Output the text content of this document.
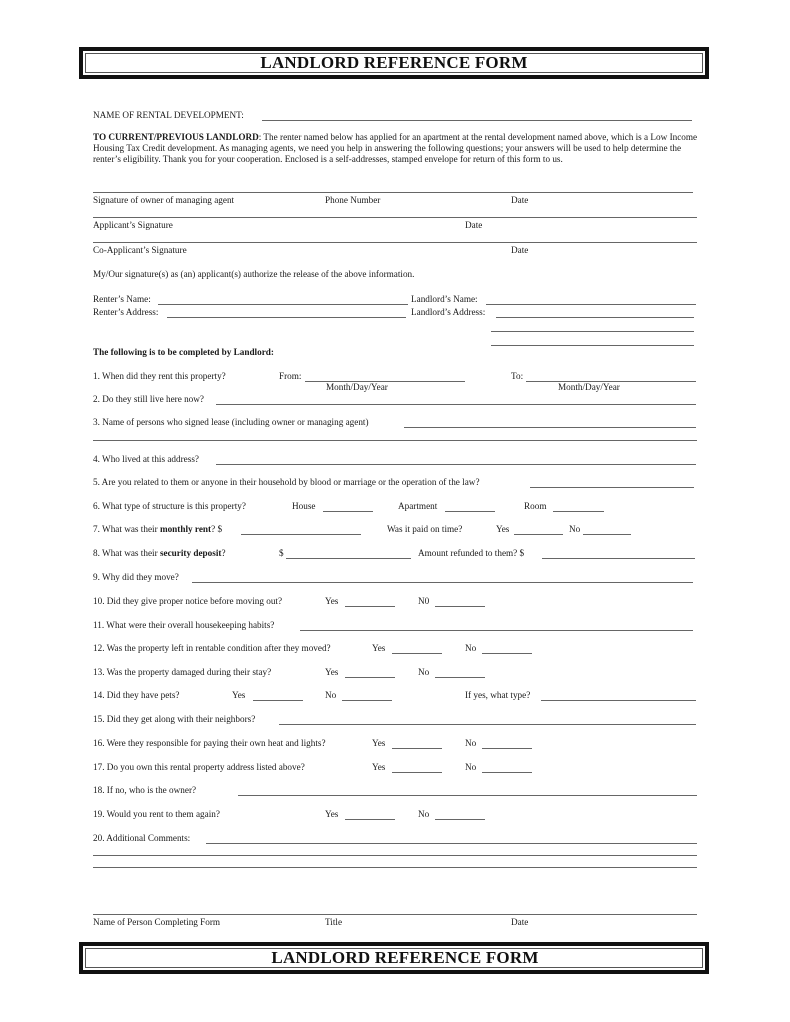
LANDLORD REFERENCE FORM
NAME OF RENTAL DEVELOPMENT:
TO CURRENT/PREVIOUS LANDLORD: The renter named below has applied for an apartment at the rental development named above, which is a Low Income Housing Tax Credit development. As managing agents, we need you help in answering the following questions; your answers will be used to help determine the renter’s eligibility. Thank you for your cooperation. Enclosed is a self-addresses, stamped envelope for return of this form to us.
Signature of owner of managing agent	Phone Number	Date
Applicant’s Signature	Date
Co-Applicant’s Signature	Date
My/Our signature(s) as (an) applicant(s) authorize the release of the above information.
Renter’s Name:	Landlord’s Name:
Renter’s Address:	Landlord’s Address:
The following is to be completed by Landlord:
1. When did they rent this property?	From:
Month/Day/Year
To:
Month/Day/Year
2. Do they still live here now?
3. Name of persons who signed lease (including owner or managing agent)
4. Who lived at this address?
5. Are you related to them or anyone in their household by blood or marriage or the operation of the law?
6. What type of structure is this property?	House	Apartment	Room
7. What was their monthly rent? $	Was it paid on time?	Yes	No
8. What was their security deposit?	$	Amount refunded to them? $
9. Why did they move?
10. Did they give proper notice before moving out?	Yes	N0
11. What were their overall housekeeping habits?
12. Was the property left in rentable condition after they moved?	Yes	No
13. Was the property damaged during their stay?	Yes	No
14. Did they have pets?	Yes	No	If yes, what type?
15. Did they get along with their neighbors?
16. Were they responsible for paying their own heat and lights?	Yes	No
17. Do you own this rental property address listed above?	Yes	No
18. If no, who is the owner?
19. Would you rent to them again?	Yes	No
20. Additional Comments:
Name of Person Completing Form	Title	Date
LANDLORD REFERENCE FORM
